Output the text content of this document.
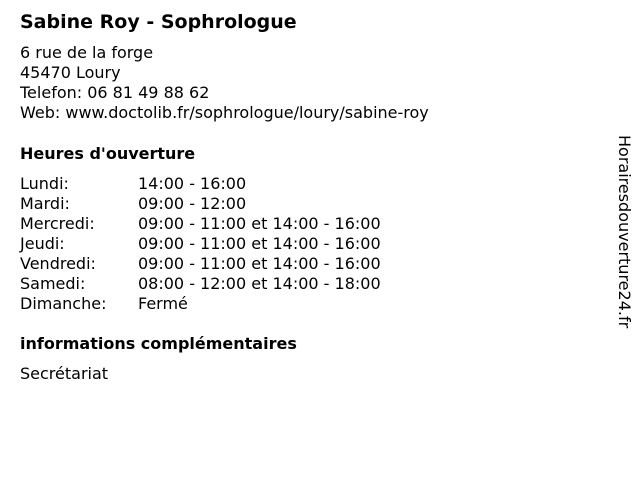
Sabine Roy - Sophrologue
6 rue de la forge
45470 Loury
Telefon: 06 81 49 88 62
Web: www.doctolib.fr/sophrologue/loury/sabine-roy
Heures d'ouverture
Lundi:	14:00 - 16:00
Mardi:	09:00 - 12:00
Mercredi:	09:00 - 11:00 et 14:00 - 16:00
Jeudi:	09:00 - 11:00 et 14:00 - 16:00
Vendredi:	09:00 - 11:00 et 14:00 - 16:00
Samedi:	08:00 - 12:00 et 14:00 - 18:00
Dimanche: Fermé
informations complémentaires
Secrétariat
Horairesdouverture24.fr
